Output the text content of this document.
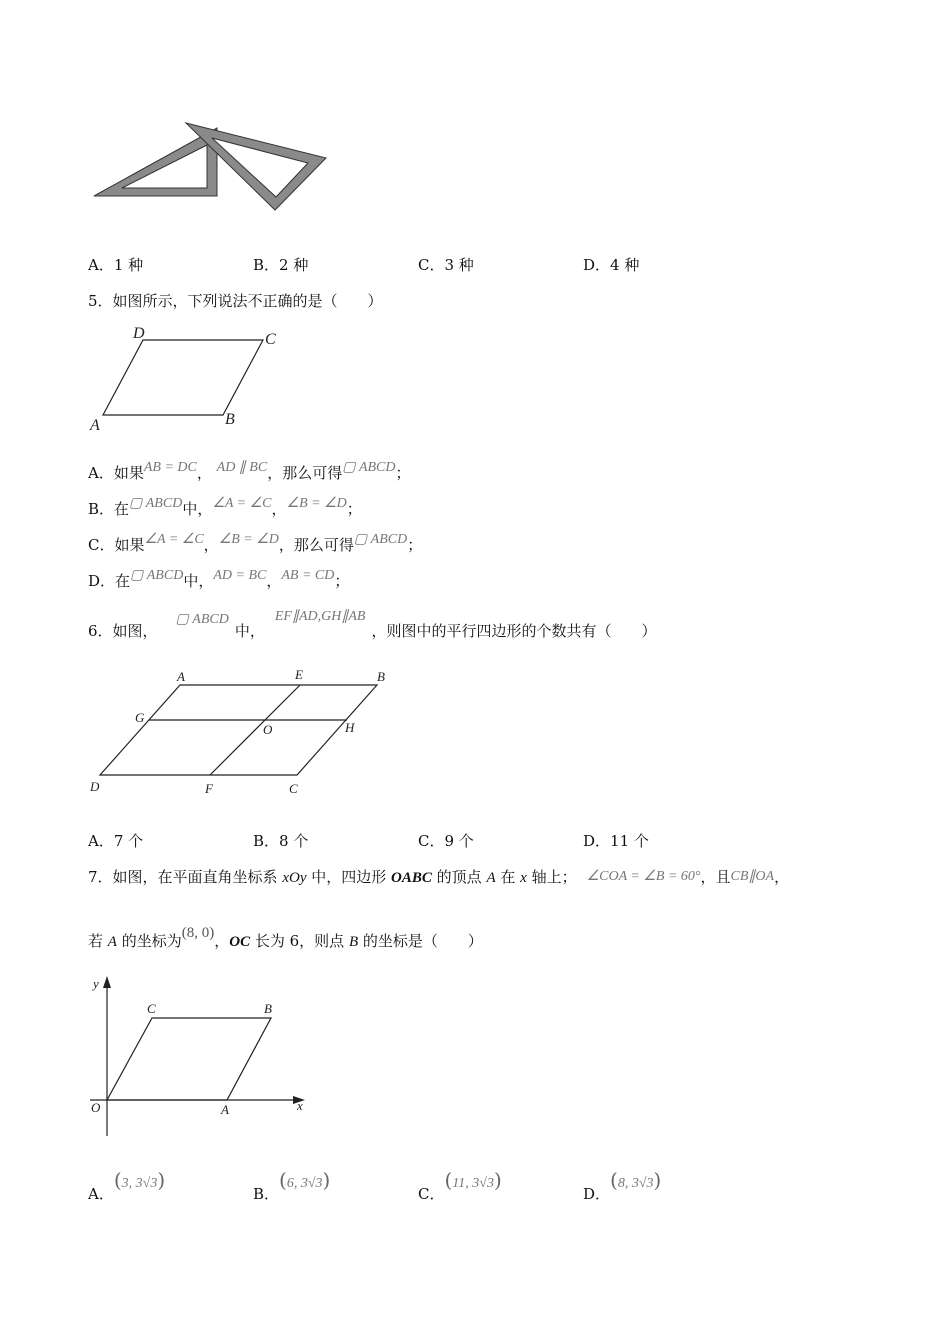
A．1 种	B．2 种	C．3 种	D．4 种
5．如图所示，下列说法不正确的是（　　）
D	C
A	B
A．如果AB = DC， AD ∥ BC，那么可得▢ ABCD；
B．在▢ ABCD中，∠A = ∠C，∠B = ∠D；
C．如果∠A = ∠C，∠B = ∠D，那么可得▢ ABCD；
D．在▢ ABCD中，AD = BC，AB = CD；
6．如图，▢ ABCD中，EF∥AD,GH∥AB，则图中的平行四边形的个数共有（　　）
A	E	B
G
O	H
D	F	C
A．7 个	B．8 个	C．9 个	D．11 个
7．如图，在平面直角坐标系 xOy 中，四边形 OABC 的顶点 A 在 x 轴上； ∠COA = ∠B = 60°，且CB∥OA，
若 A 的坐标为(8, 0)，OC 长为 6，则点 B 的坐标是（　　）
y
x
O	A
C	B
A．(3, 3√3)
B．(6, 3√3)
C．(11, 3√3)
D．(8, 3√3)
